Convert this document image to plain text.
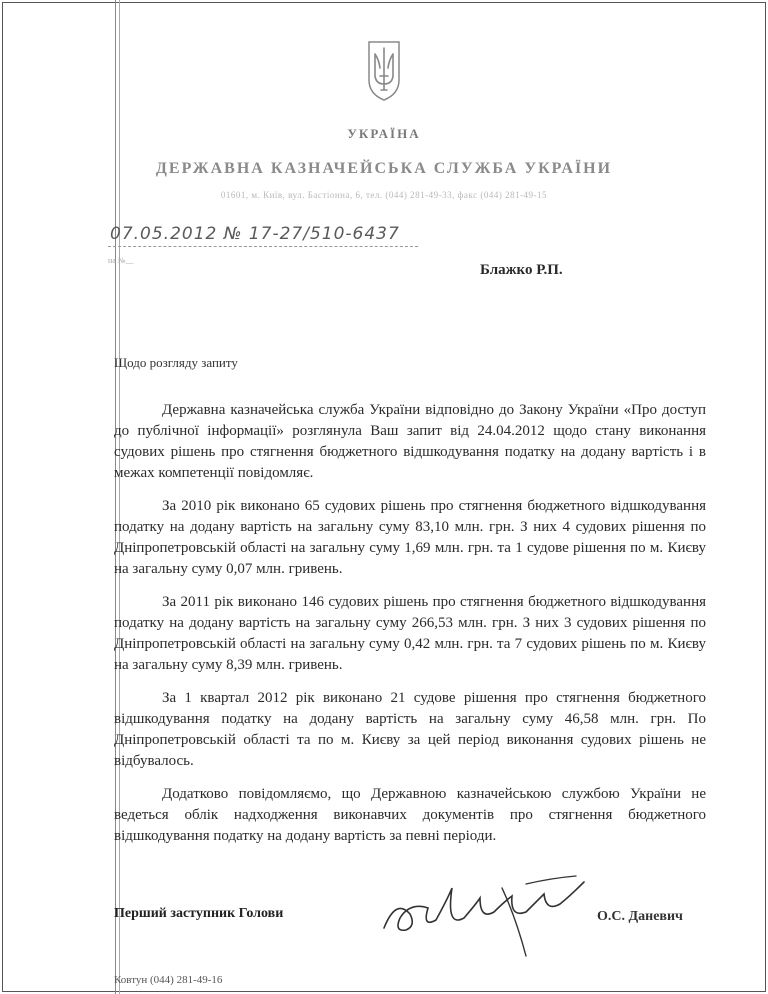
УКРАЇНА
ДЕРЖАВНА КАЗНАЧЕЙСЬКА СЛУЖБА УКРАЇНИ
01601, м. Київ, вул. Бастіонна, 6, тел. (044) 281-49-33, факс (044) 281-49-15
07.05.2012 № 17-27/510-6437
на №__
Блажко Р.П.
Щодо розгляду запиту

Державна казначейська служба України відповідно до Закону України «Про доступ до публічної інформації» розглянула Ваш запит від 24.04.2012 щодо стану виконання судових рішень про стягнення бюджетного відшкодування податку на додану вартість і в межах компетенції повідомляє.

За 2010 рік виконано 65 судових рішень про стягнення бюджетного відшкодування податку на додану вартість на загальну суму 83,10 млн. грн. З них 4 судових рішення по Дніпропетровській області на загальну суму 1,69 млн. грн. та 1 судове рішення по м. Києву на загальну суму 0,07 млн. гривень.

За 2011 рік виконано 146 судових рішень про стягнення бюджетного відшкодування податку на додану вартість на загальну суму 266,53 млн. грн. З них 3 судових рішення по Дніпропетровській області на загальну суму 0,42 млн. грн. та 7 судових рішень по м. Києву на загальну суму 8,39 млн. гривень.

За 1 квартал 2012 рік виконано 21 судове рішення про стягнення бюджетного відшкодування податку на додану вартість на загальну суму 46,58 млн. грн. По Дніпропетровській області та по м. Києву за цей період виконання судових рішень не відбувалось.

Додатково повідомляємо, що Державною казначейською службою України не ведеться облік надходження виконавчих документів про стягнення бюджетного відшкодування податку на додану вартість за певні періоди.

Перший заступник Голови	О.С. Даневич
Ковтун (044) 281-49-16
